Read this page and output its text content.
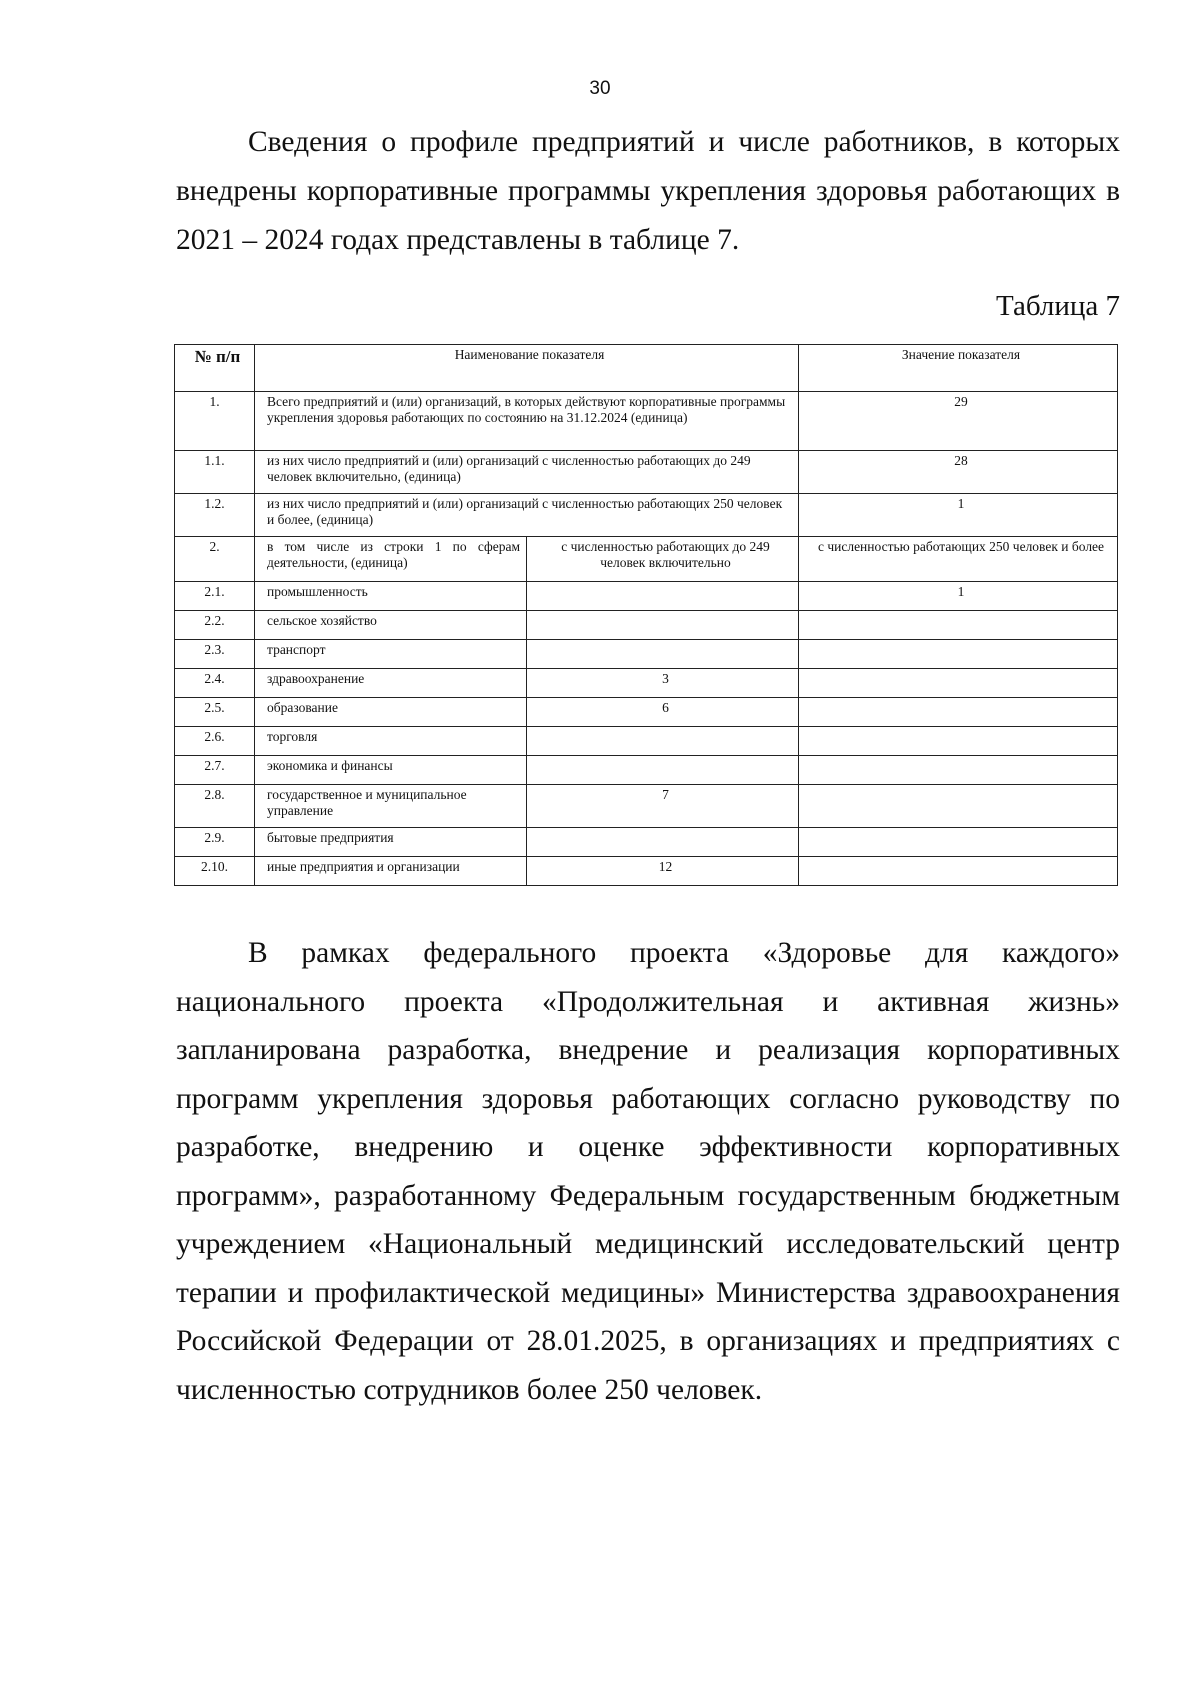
30

Сведения о профиле предприятий и числе работников, в которых внедрены корпоративные программы укрепления здоровья работающих в 2021 – 2024 годах представлены в таблице 7.

Таблица 7
№ п/п	Наименование показателя		Значение показателя
1.	Всего предприятий и (или) организаций, в которых действуют корпоративные программы укрепления здоровья работающих по состоянию на 31.12.2024 (единица)		29
1.1.	из них число предприятий и (или) организаций с численностью работающих до 249 человек включительно, (единица)		28
1.2.	из них число предприятий и (или) организаций с численностью работающих 250 человек и более, (единица)		1
2.	в том числе из строки 1 по сферам деятельности, (единица)	с численностью работающих до 249 человек включительно	с численностью работающих 250 человек и более
2.1.	промышленность		1
2.2.	сельское хозяйство		
2.3.	транспорт		
2.4.	здравоохранение	3	
2.5.	образование	6	
2.6.	торговля		
2.7.	экономика и финансы		
2.8.	государственное и муниципальное управление	7	
2.9.	бытовые предприятия		
2.10.	иные предприятия и организации	12	

В рамках федерального проекта «Здоровье для каждого» национального проекта «Продолжительная и активная жизнь» запланирована разработка, внедрение и реализация корпоративных программ укрепления здоровья работающих согласно руководству по разработке, внедрению и оценке эффективности корпоративных программ», разработанному Федеральным государственным бюджетным учреждением «Национальный медицинский исследовательский центр терапии и профилактической медицины» Министерства здравоохранения Российской Федерации от 28.01.2025, в организациях и предприятиях с численностью сотрудников более 250 человек.
